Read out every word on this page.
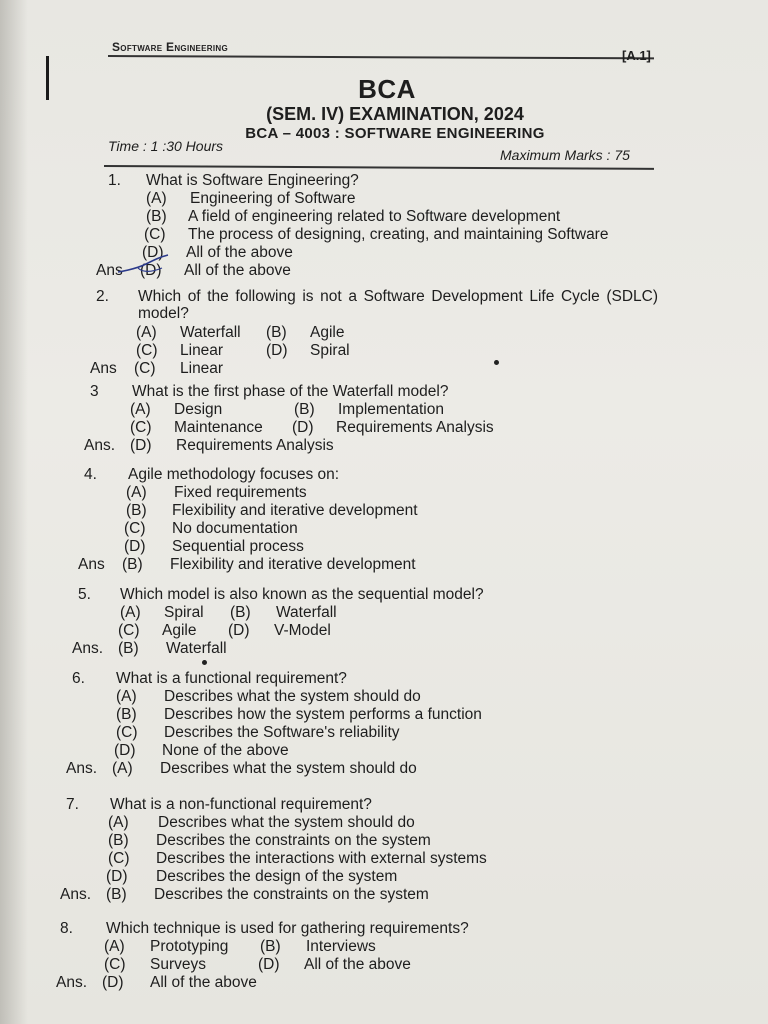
Software Engineering
[A.1]
BCA
(SEM. IV) EXAMINATION, 2024
BCA – 4003 : SOFTWARE ENGINEERING
Time : 1 :30 Hours
Maximum Marks : 75
1. What is Software Engineering?
(A) Engineering of Software
(B) A field of engineering related to Software development
(C) The process of designing, creating, and maintaining Software
(D) All of the above
Ans (D) All of the above
2. Which of the following is not a Software Development Life Cycle (SDLC) model?
(A) Waterfall (B) Agile
(C) Linear	(D) Spiral
Ans (C) Linear
3 What is the first phase of the Waterfall model?
(A) Design	(B) Implementation
(C) Maintenance (D) Requirements Analysis
Ans. (D) Requirements Analysis
4. Agile methodology focuses on:
(A) Fixed requirements
(B) Flexibility and iterative development
(C) No documentation
(D) Sequential process
Ans (B) Flexibility and iterative development
5. Which model is also known as the sequential model?
(A) Spiral (B) Waterfall
(C) Agile (D) V-Model
Ans. (B) Waterfall
6. What is a functional requirement?
(A) Describes what the system should do
(B) Describes how the system performs a function
(C) Describes the Software's reliability
(D) None of the above
Ans. (A) Describes what the system should do
7. What is a non-functional requirement?
(A) Describes what the system should do
(B) Describes the constraints on the system
(C) Describes the interactions with external systems
(D) Describes the design of the system
Ans. (B) Describes the constraints on the system
8. Which technique is used for gathering requirements?
(A) Prototyping (B) Interviews
(C) Surveys	(D) All of the above
Ans. (D) All of the above
